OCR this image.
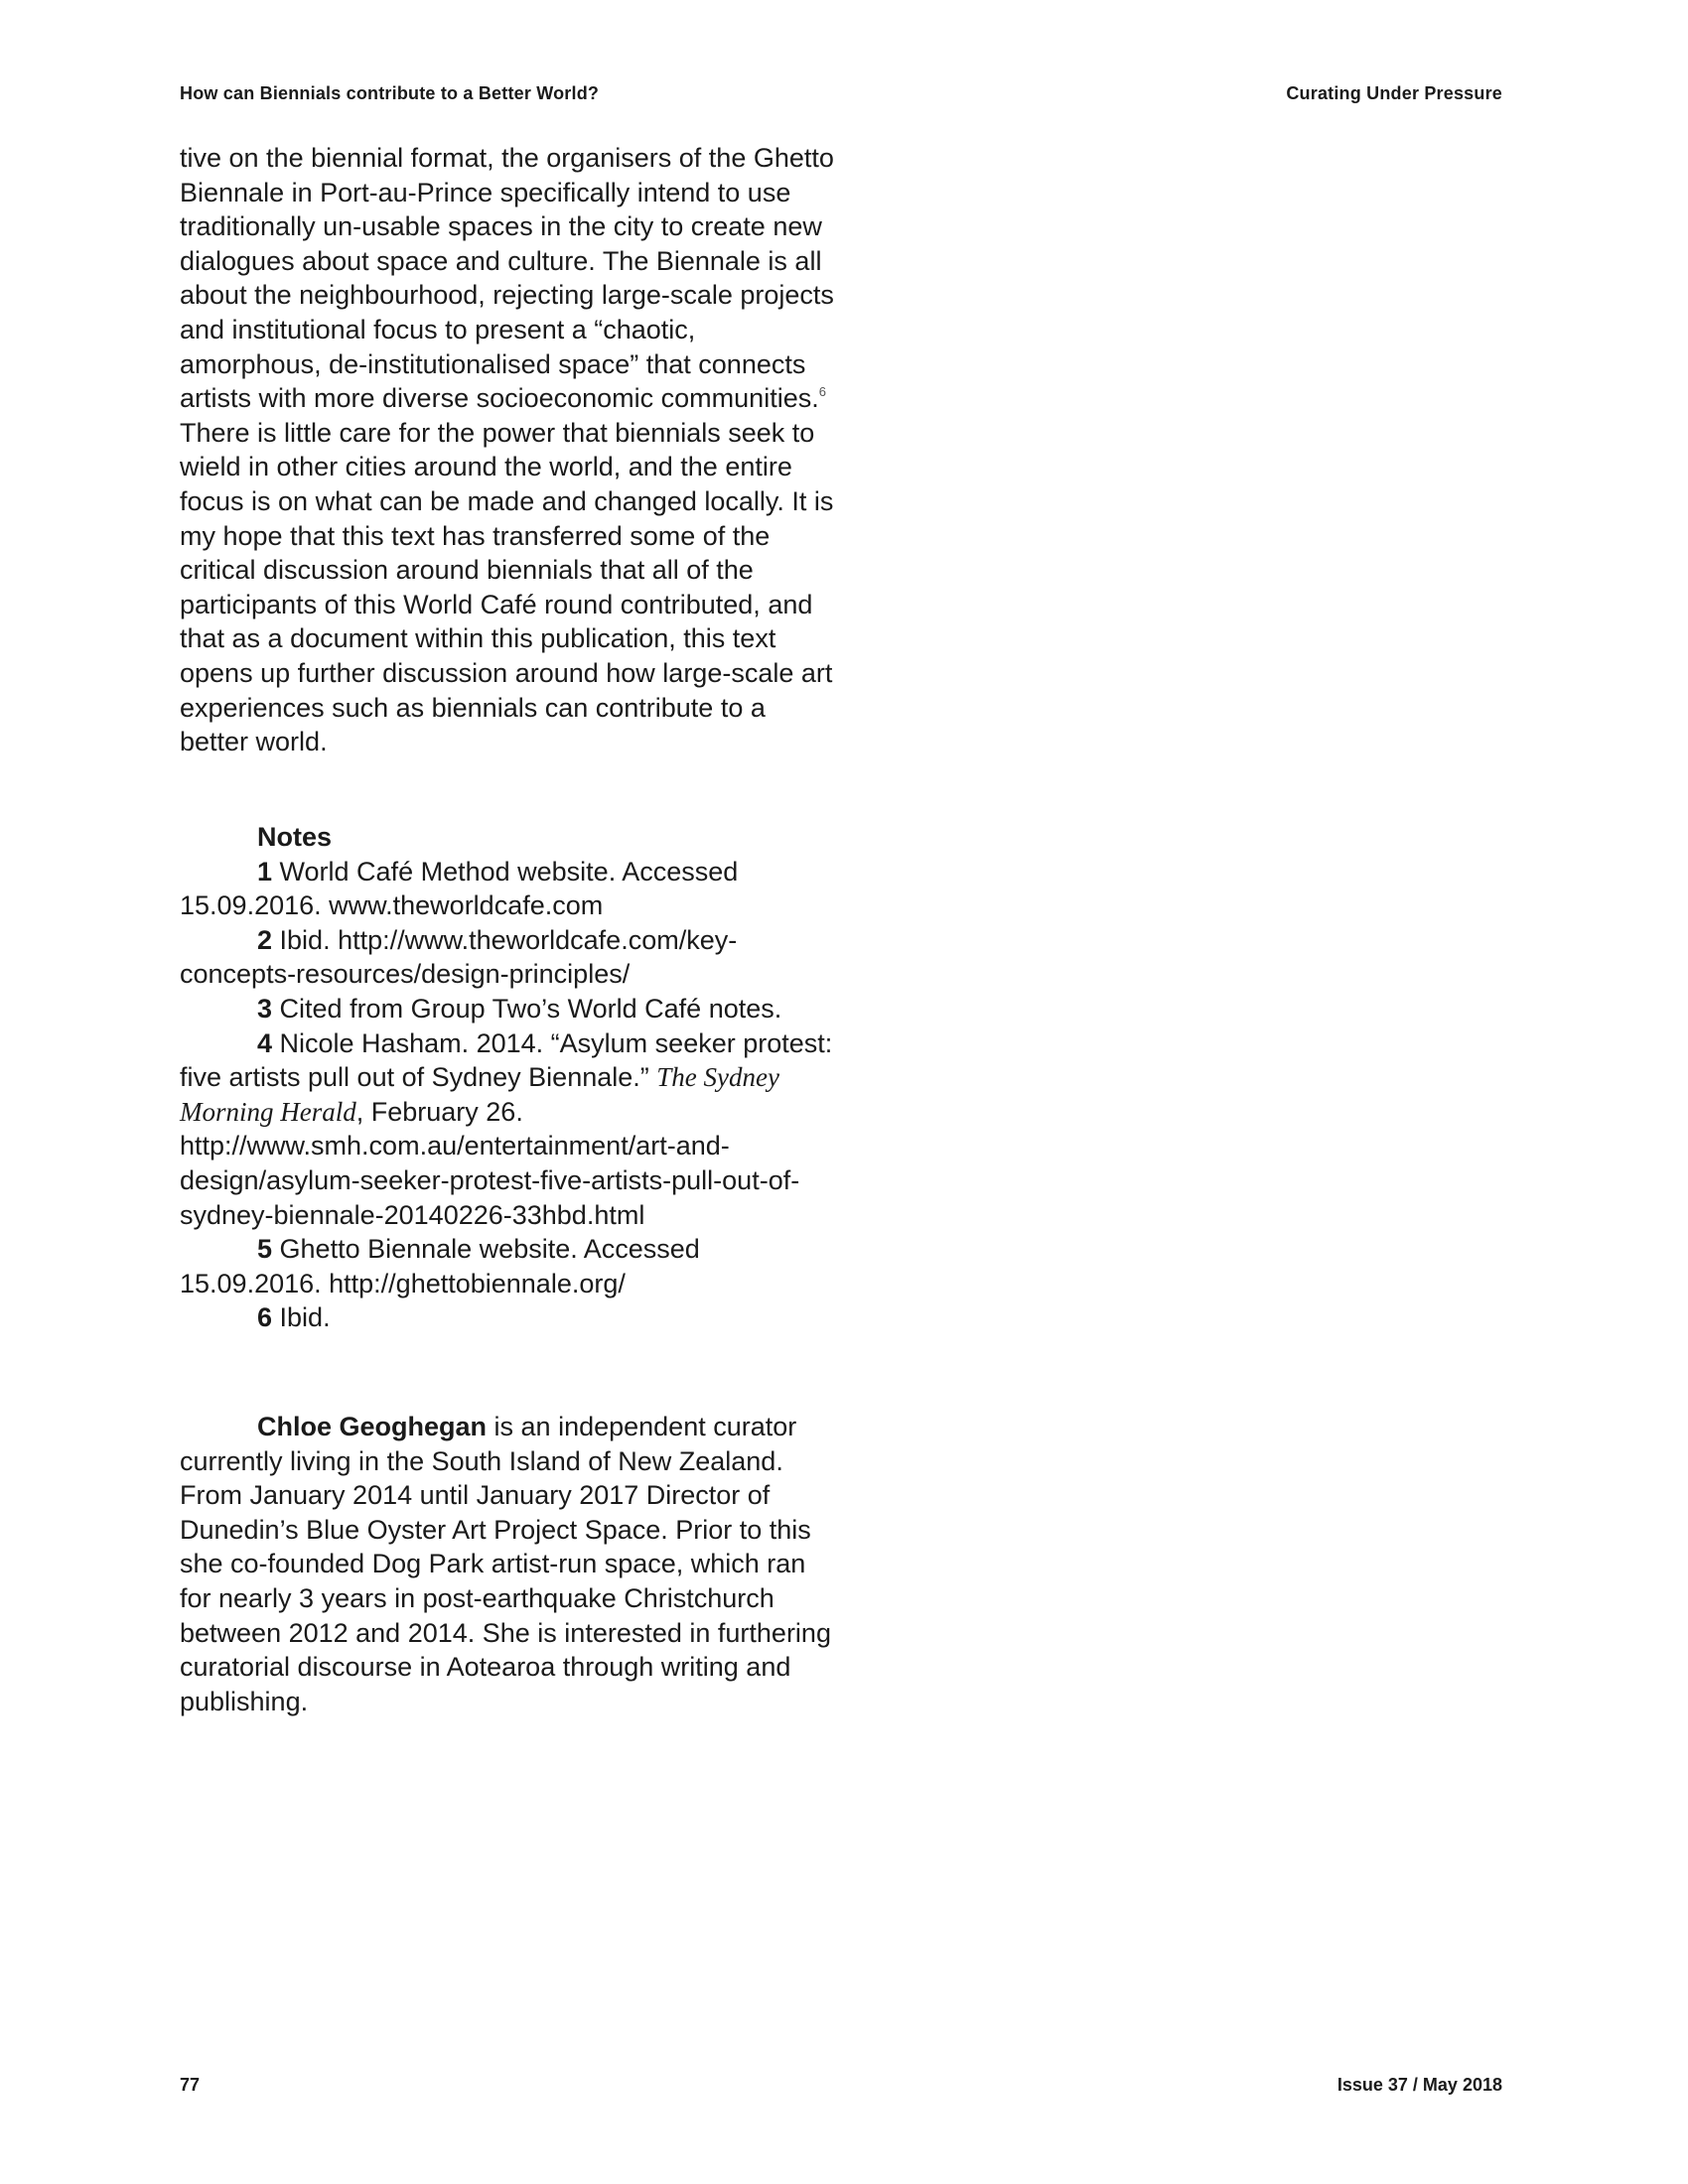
How can Biennials contribute to a Better World?	Curating Under Pressure

tive on the biennial format, the organisers of the Ghetto Biennale in Port-au-Prince specifically intend to use traditionally un-usable spaces in the city to create new dialogues about space and culture. The Biennale is all about the neighbourhood, rejecting large-scale projects and institutional focus to present a “chaotic, amorphous, de-institutionalised space” that connects artists with more diverse socioeconomic communities.$^6$ There is little care for the power that biennials seek to wield in other cities around the world, and the entire focus is on what can be made and changed locally. It is my hope that this text has transferred some of the critical discussion around biennials that all of the participants of this World Café round contributed, and that as a document within this publication, this text opens up further discussion around how large-scale art experiences such as biennials can contribute to a better world.

Notes

1 World Café Method website. Accessed 15.09.2016. www.theworldcafe.com

2 Ibid. http://www.theworldcafe.com/key-concepts-resources/design-principles/

3 Cited from Group Two’s World Café notes.

4 Nicole Hasham. 2014. “Asylum seeker protest: five artists pull out of Sydney Biennale.” The Sydney Morning Herald, February 26. http://www.smh.com.au/entertainment/art-and-design/asylum-seeker-protest-five-artists-pull-out-of-sydney-biennale-20140226-33hbd.html

5 Ghetto Biennale website. Accessed 15.09.2016. http://ghettobiennale.org/

6 Ibid.

Chloe Geoghegan is an independent curator currently living in the South Island of New Zealand. From January 2014 until January 2017 Director of Dunedin’s Blue Oyster Art Project Space. Prior to this she co-founded Dog Park artist-run space, which ran for nearly 3 years in post-earthquake Christchurch between 2012 and 2014. She is interested in furthering curatorial discourse in Aotearoa through writing and publishing.

77	Issue 37 / May 2018
